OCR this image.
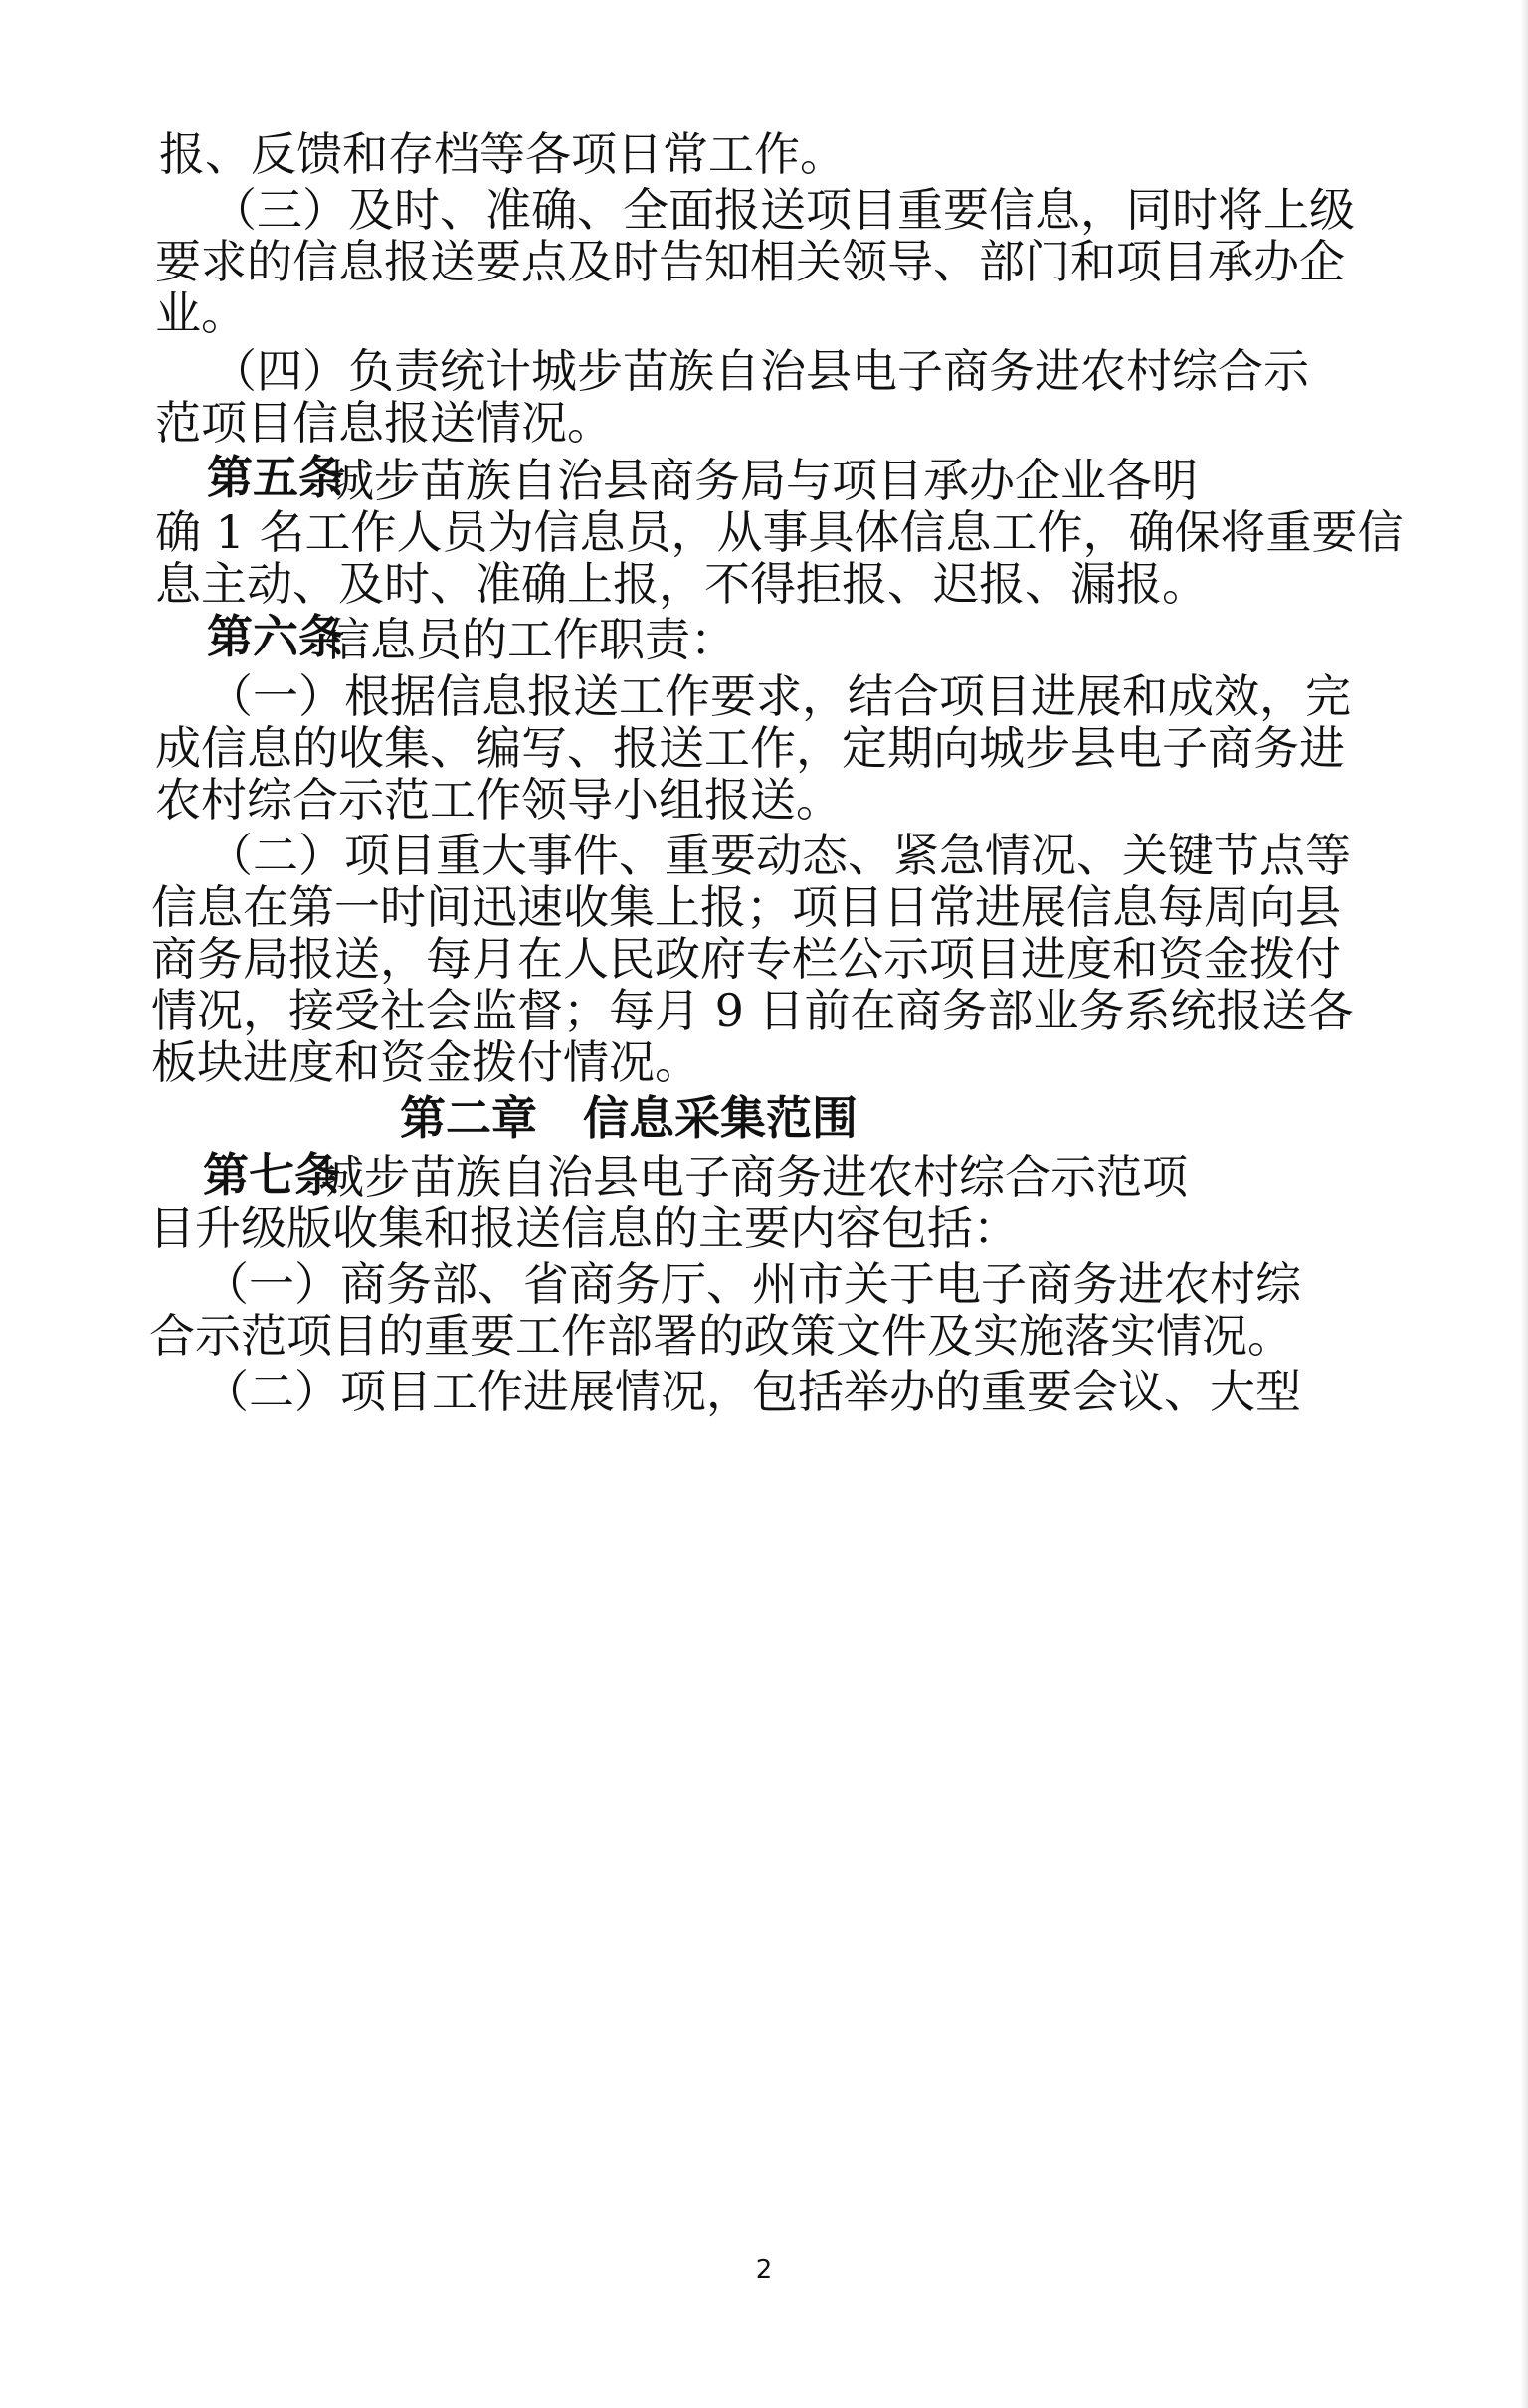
报、反馈和存档等各项日常工作。
（三）及时、准确、全面报送项目重要信息，同时将上级
要求的信息报送要点及时告知相关领导、部门和项目承办企
业。
（四）负责统计城步苗族自治县电子商务进农村综合示
范项目信息报送情况。
第五条
城步苗族自治县商务局与项目承办企业各明
确 1 名工作人员为信息员，从事具体信息工作，确保将重要信
息主动、及时、准确上报，不得拒报、迟报、漏报。
第六条
信息员的工作职责：
（一）根据信息报送工作要求，结合项目进展和成效，完
成信息的收集、编写、报送工作，定期向城步县电子商务进
农村综合示范工作领导小组报送。
（二）项目重大事件、重要动态、紧急情况、关键节点等
信息在第一时间迅速收集上报；项目日常进展信息每周向县
商务局报送，每月在人民政府专栏公示项目进度和资金拨付
情况，接受社会监督；每月 9 日前在商务部业务系统报送各
板块进度和资金拨付情况。
第二章　信息采集范围
第七条
城步苗族自治县电子商务进农村综合示范项
目升级版收集和报送信息的主要内容包括：
（一）商务部、省商务厅、州市关于电子商务进农村综
合示范项目的重要工作部署的政策文件及实施落实情况。
（二）项目工作进展情况，包括举办的重要会议、大型
2
